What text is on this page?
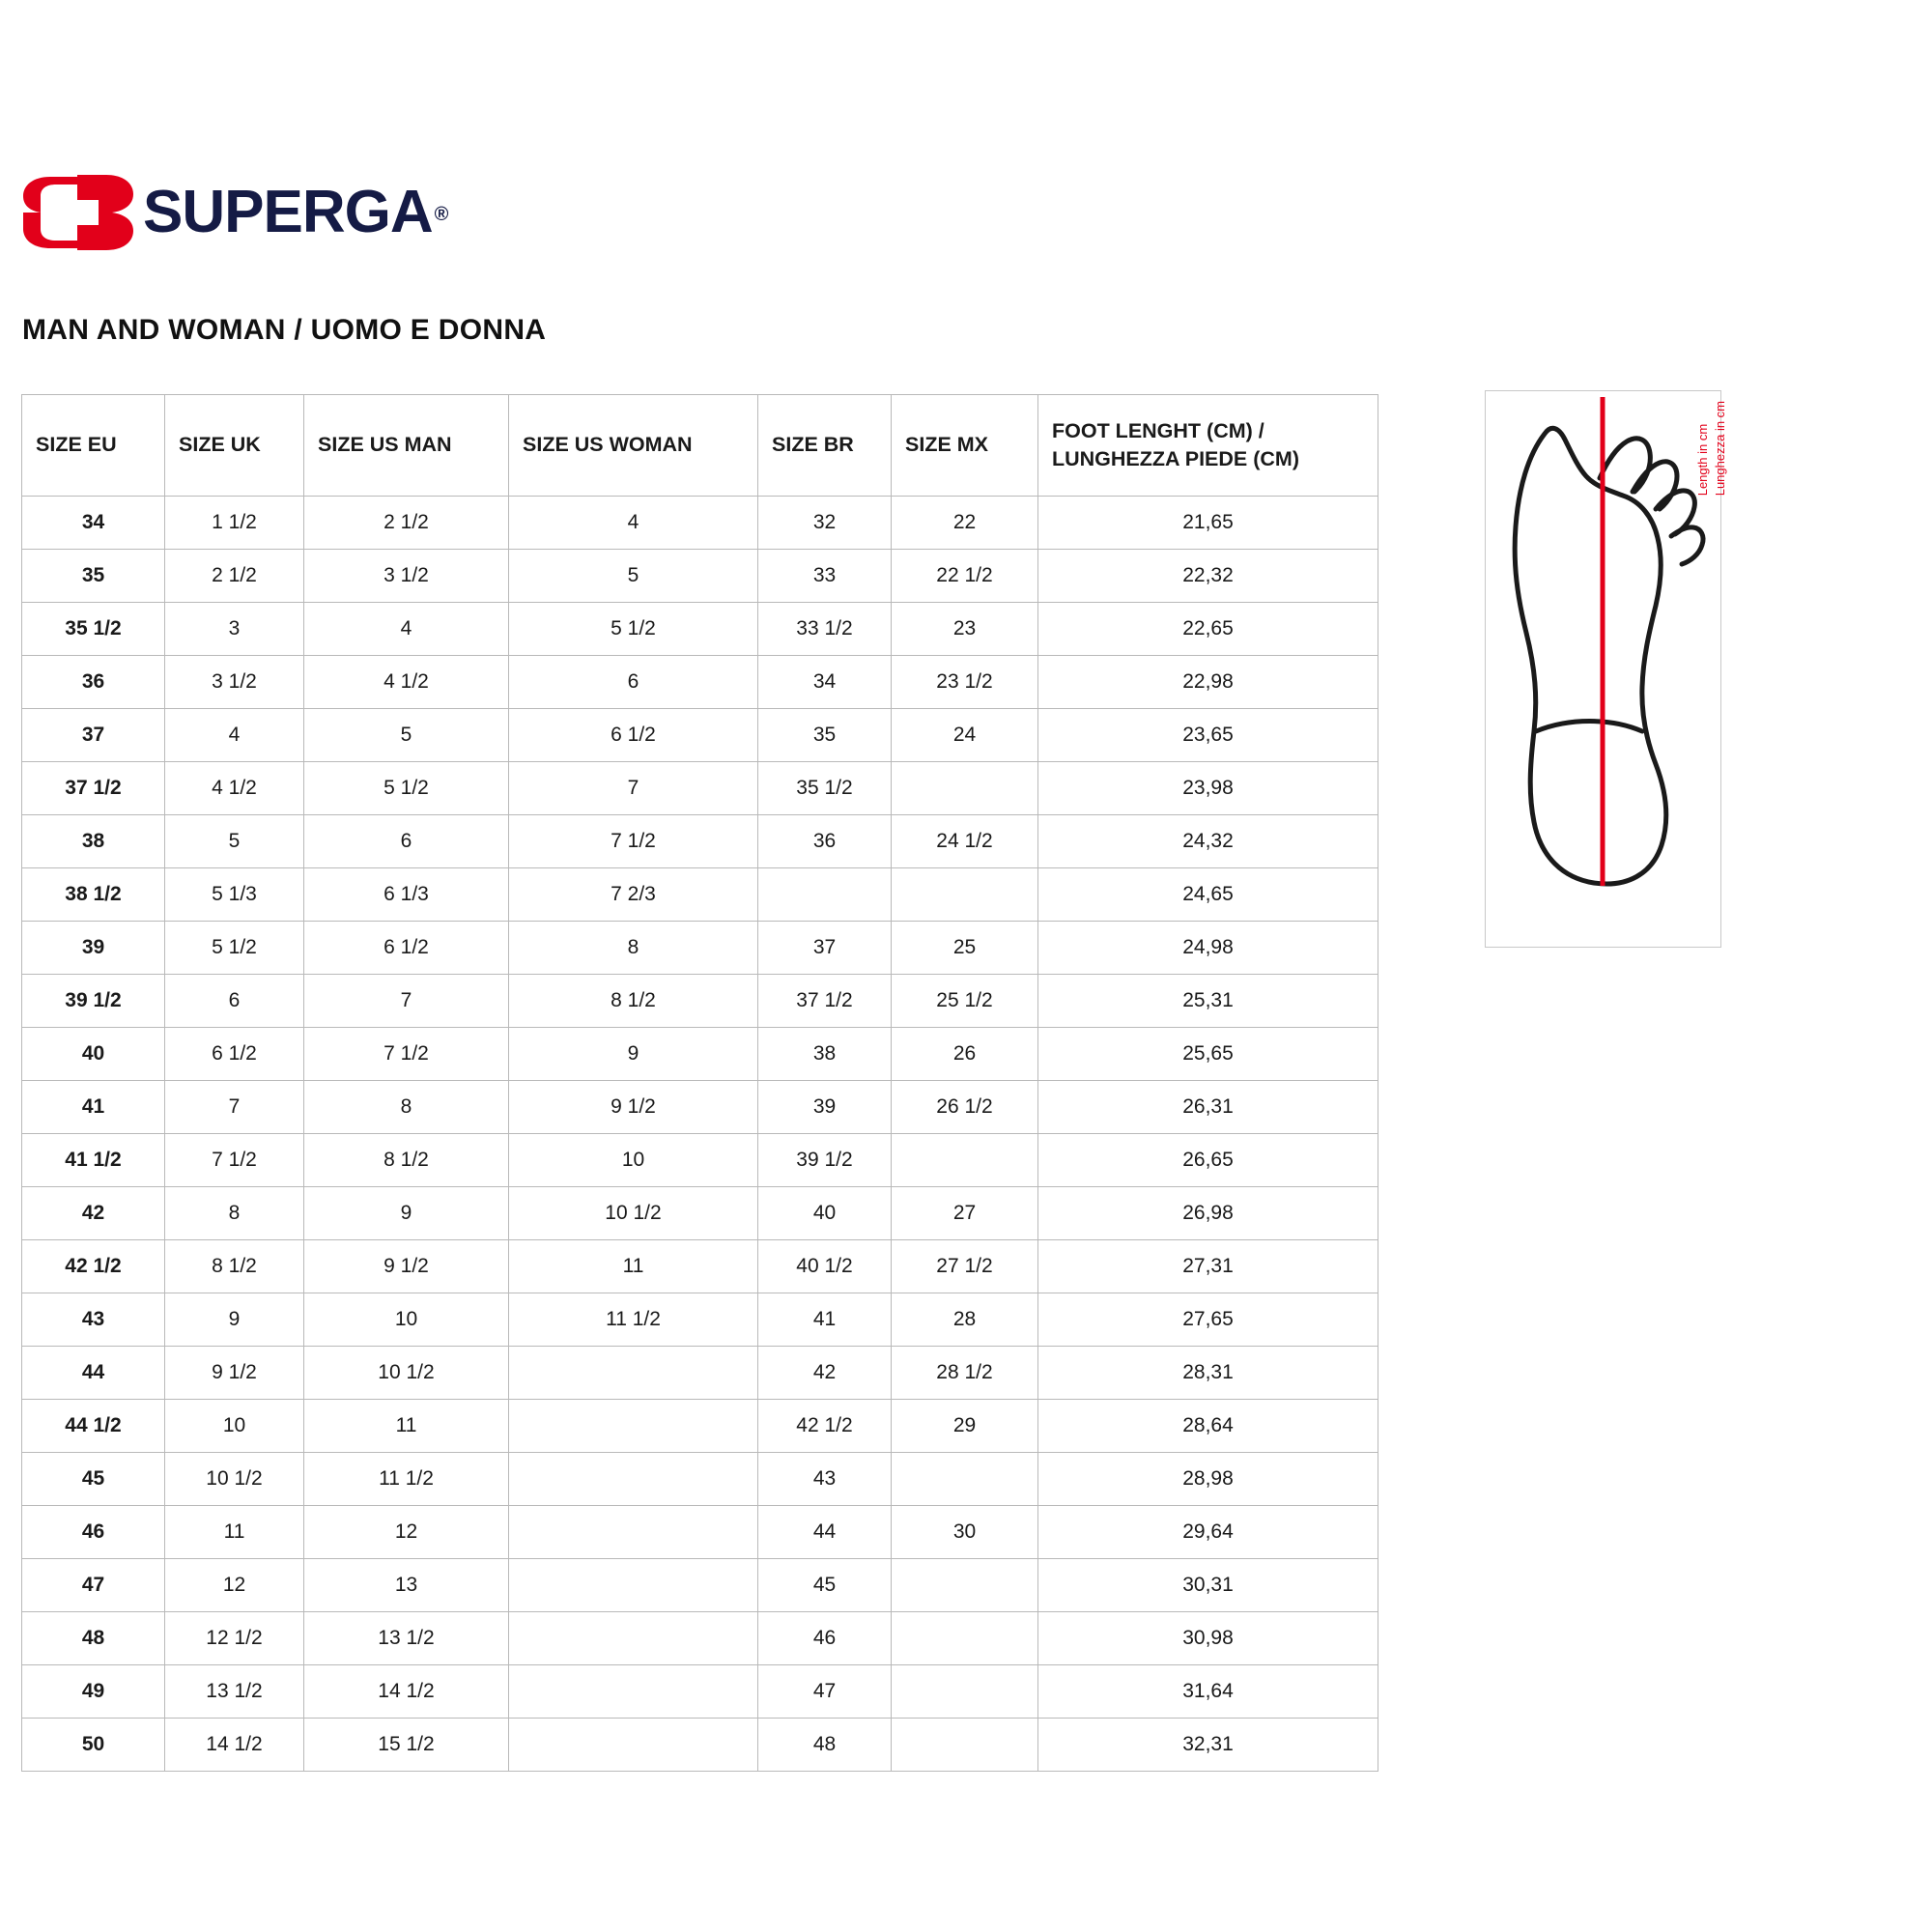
SUPERGA ®
MAN AND WOMAN / UOMO E DONNA
SIZE EU	SIZE UK	SIZE US MAN	SIZE US WOMAN	SIZE BR	SIZE MX	FOOT LENGHT (CM) /
LUNGHEZZA PIEDE (CM)

34	1 1/2	2 1/2	4	32	22	21,65
35	2 1/2	3 1/2	5	33	22 1/2	22,32
35 1/2	3	4	5 1/2	33 1/2	23	22,65
36	3 1/2	4 1/2	6	34	23 1/2	22,98
37	4	5	6 1/2	35	24	23,65
37 1/2	4 1/2	5 1/2	7	35 1/2		23,98
38	5	6	7 1/2	36	24 1/2	24,32
38 1/2	5 1/3	6 1/3	7 2/3			24,65
39	5 1/2	6 1/2	8	37	25	24,98
39 1/2	6	7	8 1/2	37 1/2	25 1/2	25,31
40	6 1/2	7 1/2	9	38	26	25,65
41	7	8	9 1/2	39	26 1/2	26,31
41 1/2	7 1/2	8 1/2	10	39 1/2		26,65
42	8	9	10 1/2	40	27	26,98
42 1/2	8 1/2	9 1/2	11	40 1/2	27 1/2	27,31
43	9	10	11 1/2	41	28	27,65
44	9 1/2	10 1/2		42	28 1/2	28,31
44 1/2	10	11		42 1/2	29	28,64
45	10 1/2	11 1/2		43		28,98
46	11	12		44	30	29,64
47	12	13		45		30,31
48	12 1/2	13 1/2		46		30,98
49	13 1/2	14 1/2		47		31,64
50	14 1/2	15 1/2		48		32,31
Length in cm Lunghezza in cm
